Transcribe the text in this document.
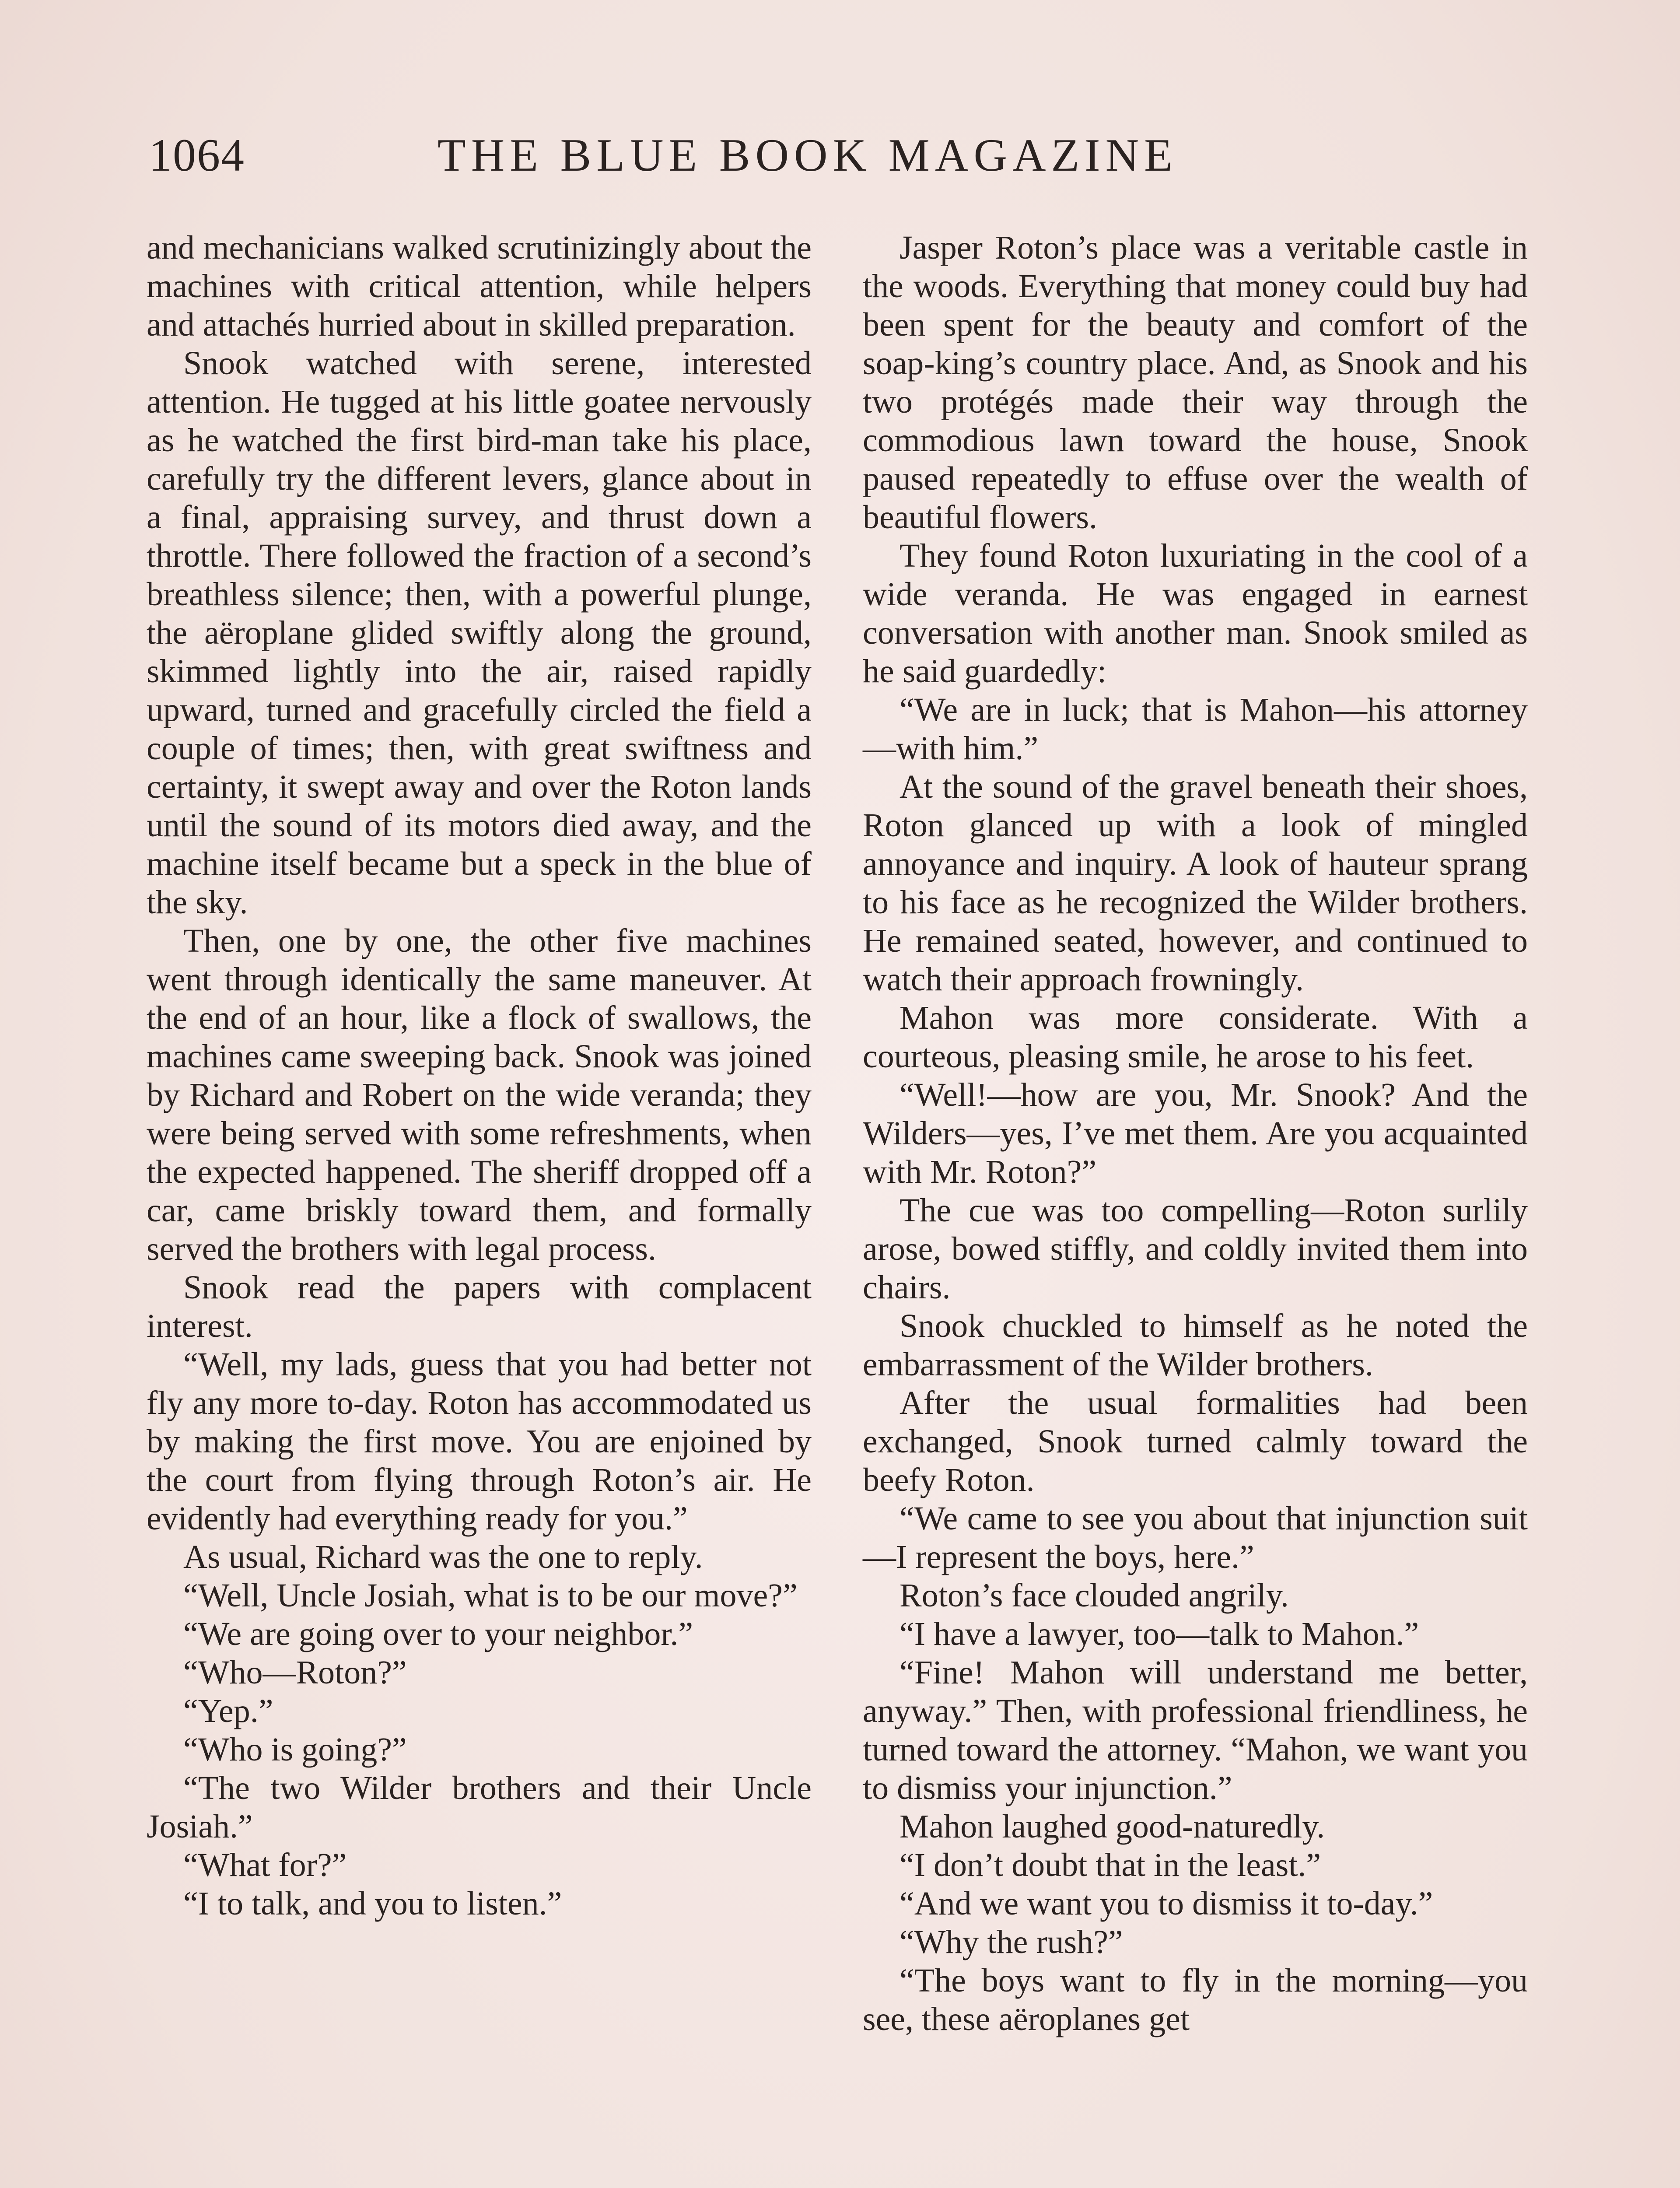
1064	THE BLUE BOOK MAGAZINE

and mechanicians walked scrutinizingly about the machines with critical attention, while helpers and attachés hurried about in skilled preparation.

Snook watched with serene, interested attention. He tugged at his little goatee nervously as he watched the first bird-man take his place, carefully try the different levers, glance about in a final, appraising survey, and thrust down a throttle. There followed the fraction of a second’s breathless silence; then, with a powerful plunge, the aëroplane glided swiftly along the ground, skimmed lightly into the air, raised rapidly upward, turned and gracefully circled the field a couple of times; then, with great swiftness and certainty, it swept away and over the Roton lands until the sound of its motors died away, and the machine itself became but a speck in the blue of the sky.

Then, one by one, the other five machines went through identically the same maneuver. At the end of an hour, like a flock of swallows, the machines came sweeping back. Snook was joined by Richard and Robert on the wide veranda; they were being served with some refreshments, when the expected happened. The sheriff dropped off a car, came briskly toward them, and formally served the brothers with legal process.

Snook read the papers with complacent interest.

“Well, my lads, guess that you had better not fly any more to-day. Roton has accommodated us by making the first move. You are enjoined by the court from flying through Roton’s air. He evidently had everything ready for you.”

As usual, Richard was the one to reply.

“Well, Uncle Josiah, what is to be our move?”

“We are going over to your neighbor.”

“Who—Roton?”

“Yep.”

“Who is going?”

“The two Wilder brothers and their Uncle Josiah.”

“What for?”

“I to talk, and you to listen.”

Jasper Roton’s place was a veritable castle in the woods. Everything that money could buy had been spent for the beauty and comfort of the soap-king’s country place. And, as Snook and his two protégés made their way through the commodious lawn toward the house, Snook paused repeatedly to effuse over the wealth of beautiful flowers.

They found Roton luxuriating in the cool of a wide veranda. He was engaged in earnest conversation with another man. Snook smiled as he said guardedly:

“We are in luck; that is Mahon—his attorney—with him.”

At the sound of the gravel beneath their shoes, Roton glanced up with a look of mingled annoyance and inquiry. A look of hauteur sprang to his face as he recognized the Wilder brothers. He remained seated, however, and continued to watch their approach frowningly.

Mahon was more considerate. With a courteous, pleasing smile, he arose to his feet.

“Well!—how are you, Mr. Snook? And the Wilders—yes, I’ve met them. Are you acquainted with Mr. Roton?”

The cue was too compelling—Roton surlily arose, bowed stiffly, and coldly invited them into chairs.

Snook chuckled to himself as he noted the embarrassment of the Wilder brothers.

After the usual formalities had been exchanged, Snook turned calmly toward the beefy Roton.

“We came to see you about that injunction suit—I represent the boys, here.”

Roton’s face clouded angrily.

“I have a lawyer, too—talk to Mahon.”

“Fine! Mahon will understand me better, anyway.” Then, with professional friendliness, he turned toward the attorney. “Mahon, we want you to dismiss your injunction.”

Mahon laughed good-naturedly.

“I don’t doubt that in the least.”

“And we want you to dismiss it to-day.”

“Why the rush?”

“The boys want to fly in the morning—you see, these aëroplanes get
